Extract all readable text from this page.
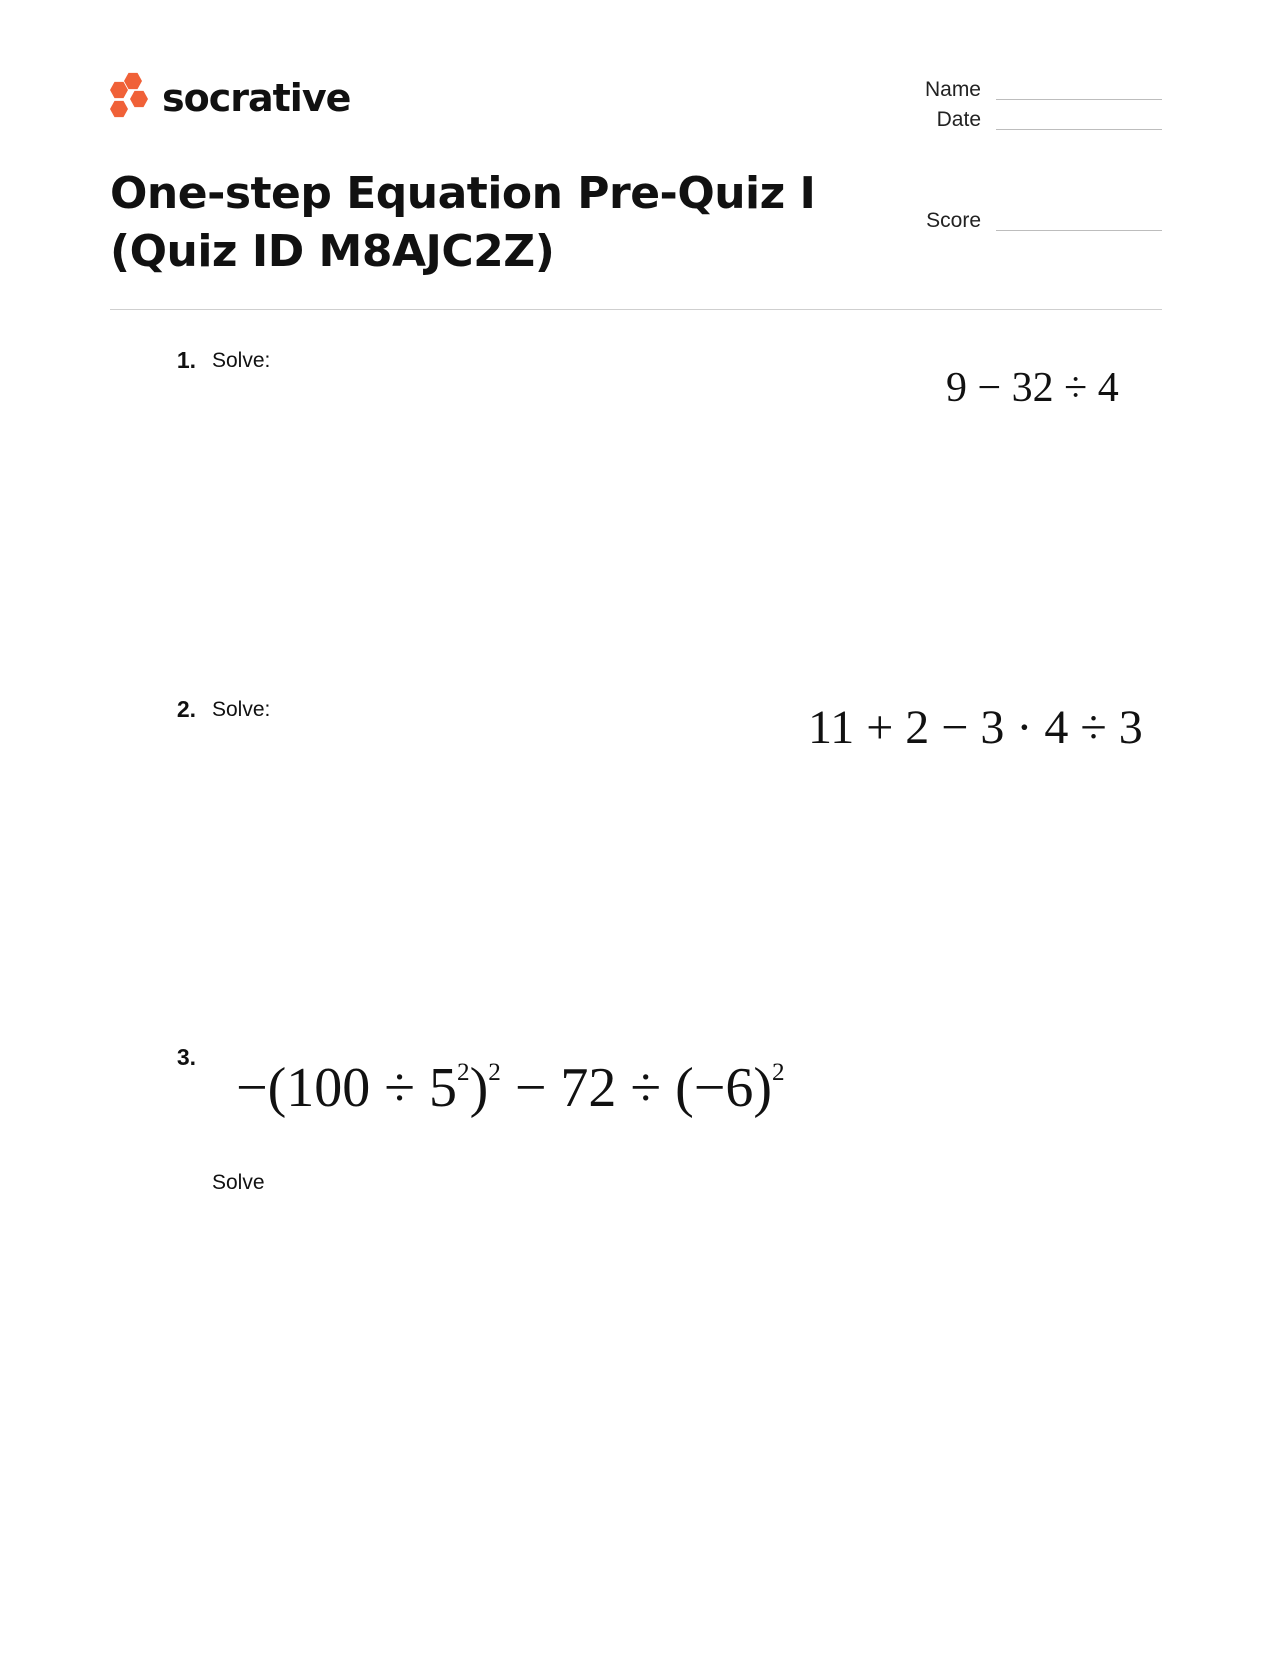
socrative	Name
Date
Score
One-step Equation Pre-Quiz I
(Quiz ID M8AJC2Z)
1. Solve:
9 − 32 ÷ 4
2. Solve:	11 + 2 − 3 · 4 ÷ 3
3. $-(100 \div 5^2)^2 - 72 \div (-6)^2$
Solve
